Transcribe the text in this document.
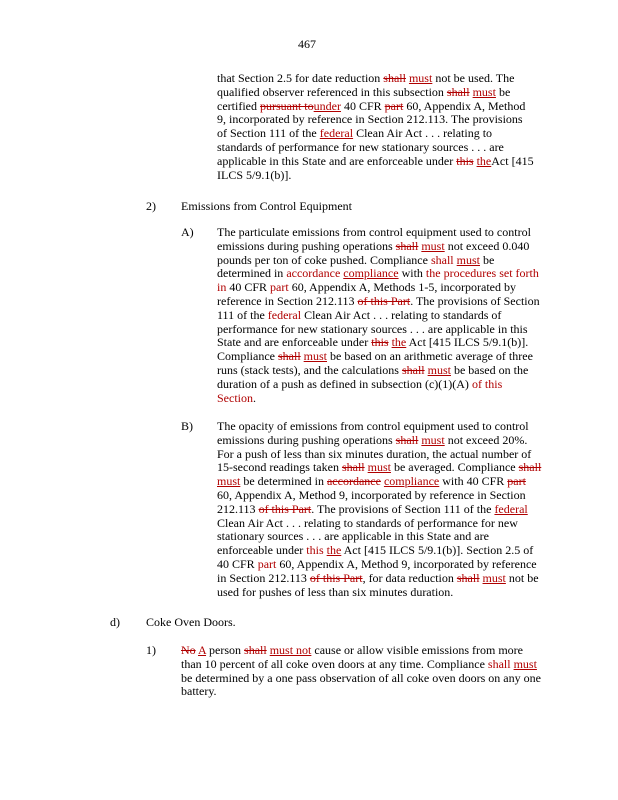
467

that Section 2.5 for date reduction shall must not be used. The qualified observer referenced in this subsection shall must be certified pursuant tounder 40 CFR part 60, Appendix A, Method 9, incorporated by reference in Section 212.113. The provisions of Section 111 of the federal Clean Air Act . . . relating to standards of performance for new stationary sources . . . are applicable in this State and are enforceable under this theAct [415 ILCS 5/9.1(b)].

2) Emissions from Control Equipment
A) The particulate emissions from control equipment used to control emissions during pushing operations shall must not exceed 0.040 pounds per ton of coke pushed. Compliance shall must be determined in accordance compliance with the procedures set forth in 40 CFR part 60, Appendix A, Methods 1-5, incorporated by reference in Section 212.113 of this Part. The provisions of Section 111 of the federal Clean Air Act . . . relating to standards of performance for new stationary sources . . . are applicable in this State and are enforceable under this the Act [415 ILCS 5/9.1(b)]. Compliance shall must be based on an arithmetic average of three runs (stack tests), and the calculations shall must be based on the duration of a push as defined in subsection (c)(1)(A) of this Section.

B) The opacity of emissions from control equipment used to control emissions during pushing operations shall must not exceed 20%. For a push of less than six minutes duration, the actual number of 15-second readings taken shall must be averaged. Compliance shall must be determined in accordance compliance with 40 CFR part 60, Appendix A, Method 9, incorporated by reference in Section 212.113 of this Part. The provisions of Section 111 of the federal Clean Air Act . . . relating to standards of performance for new stationary sources . . . are applicable in this State and are enforceable under this the Act [415 ILCS 5/9.1(b)]. Section 2.5 of 40 CFR part 60, Appendix A, Method 9, incorporated by reference in Section 212.113 of this Part, for data reduction shall must not be used for pushes of less than six minutes duration.

d) Coke Oven Doors.
1) No A person shall must not cause or allow visible emissions from more than 10 percent of all coke oven doors at any time. Compliance shall must be determined by a one pass observation of all coke oven doors on any one battery.
